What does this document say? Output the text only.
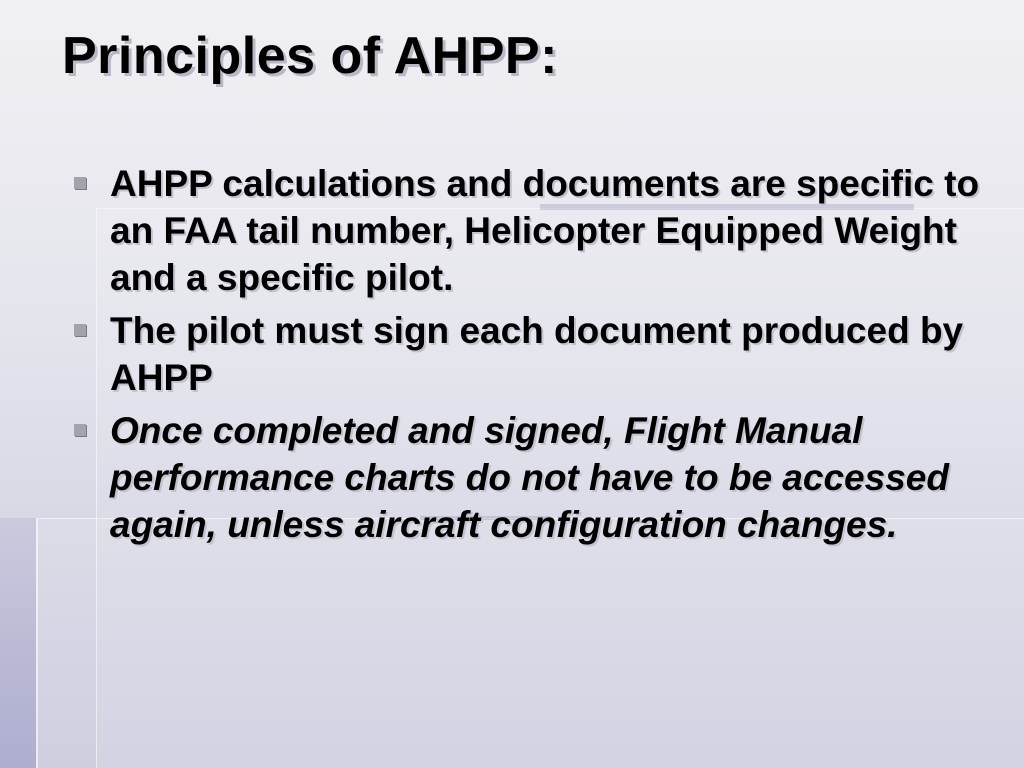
Principles of AHPP:
AHPP calculations and documents are specific to an FAA tail number, Helicopter Equipped Weight and a specific pilot.
The pilot must sign each document produced by AHPP
Once completed and signed, Flight Manual performance charts do not have to be accessed again, unless aircraft configuration changes.
